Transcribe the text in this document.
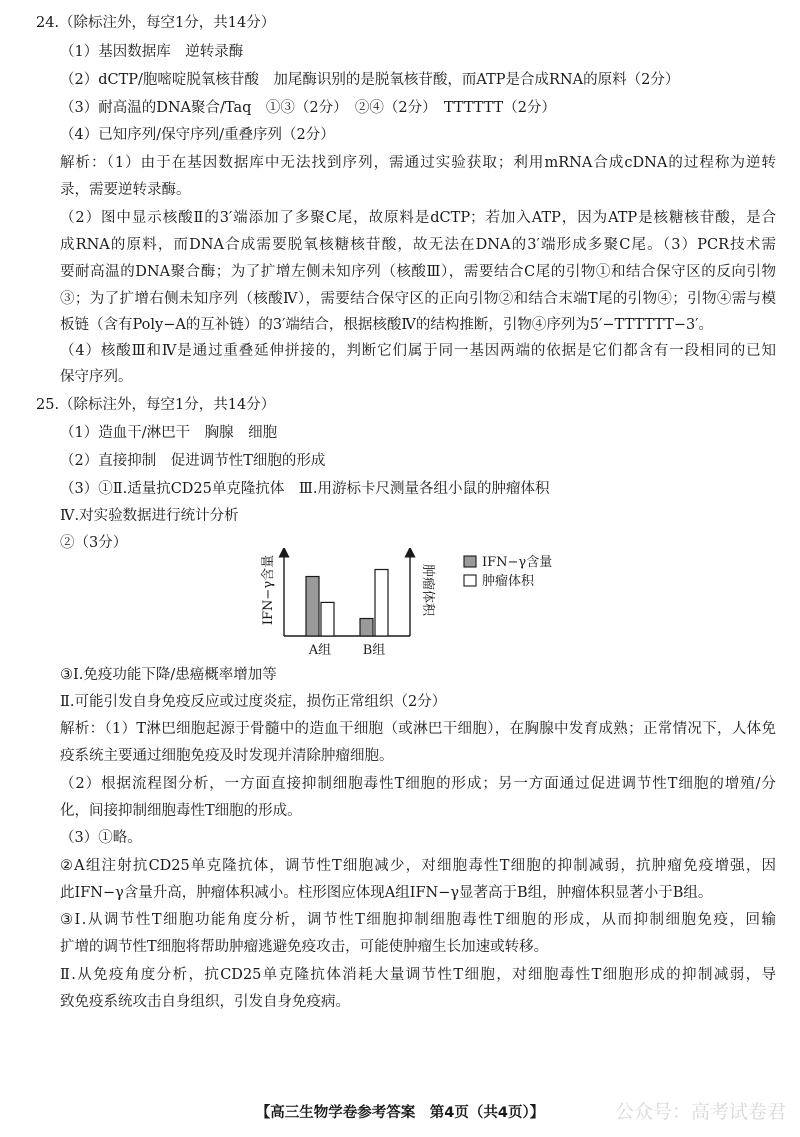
24.（除标注外，每空1分，共14分）

（1）基因数据库　逆转录酶

（2）dCTP/胞嘧啶脱氧核苷酸　加尾酶识别的是脱氧核苷酸，而ATP是合成RNA的原料（2分）

（3）耐高温的DNA聚合/Taq　①③（2分）　②④（2分）　TTTTTT（2分）

（4）已知序列/保守序列/重叠序列（2分）

解析：（1）由于在基因数据库中无法找到序列，需通过实验获取；利用mRNA合成cDNA的过程称为逆转

录，需要逆转录酶。

（2）图中显示核酸Ⅱ的3′端添加了多聚C尾，故原料是dCTP；若加入ATP，因为ATP是核糖核苷酸，是合

成RNA的原料，而DNA合成需要脱氧核糖核苷酸，故无法在DNA的3′端形成多聚C尾。（3）PCR技术需

要耐高温的DNA聚合酶；为了扩增左侧未知序列（核酸Ⅲ），需要结合C尾的引物①和结合保守区的反向引物

③；为了扩增右侧未知序列（核酸Ⅳ），需要结合保守区的正向引物②和结合末端T尾的引物④；引物④需与模

板链（含有Poly−A的互补链）的3′端结合，根据核酸Ⅳ的结构推断，引物④序列为5′−TTTTTT−3′。

（4）核酸Ⅲ和Ⅳ是通过重叠延伸拼接的，判断它们属于同一基因两端的依据是它们都含有一段相同的已知

保守序列。

25.（除标注外，每空1分，共14分）

（1）造血干/淋巴干　胸腺　细胞

（2）直接抑制　促进调节性T细胞的形成

（3）①Ⅱ.适量抗CD25单克隆抗体　Ⅲ.用游标卡尺测量各组小鼠的肿瘤体积

Ⅳ.对实验数据进行统计分析

②（3分）

IFN−γ含量	肿瘤体积
A组 B组
IFN−γ含量
肿瘤体积

③Ⅰ.免疫功能下降/患癌概率增加等

Ⅱ.可能引发自身免疫反应或过度炎症，损伤正常组织（2分）

解析：（1）T淋巴细胞起源于骨髓中的造血干细胞（或淋巴干细胞），在胸腺中发育成熟；正常情况下，人体免

疫系统主要通过细胞免疫及时发现并清除肿瘤细胞。

（2）根据流程图分析，一方面直接抑制细胞毒性T细胞的形成；另一方面通过促进调节性T细胞的增殖/分

化，间接抑制细胞毒性T细胞的形成。

（3）①略。

②A组注射抗CD25单克隆抗体，调节性T细胞减少，对细胞毒性T细胞的抑制减弱，抗肿瘤免疫增强，因

此IFN−γ含量升高，肿瘤体积减小。柱形图应体现A组IFN−γ显著高于B组，肿瘤体积显著小于B组。

③Ⅰ.从调节性T细胞功能角度分析，调节性T细胞抑制细胞毒性T细胞的形成，从而抑制细胞免疫，回输

扩增的调节性T细胞将帮助肿瘤逃避免疫攻击，可能使肿瘤生长加速或转移。

Ⅱ.从免疫角度分析，抗CD25单克隆抗体消耗大量调节性T细胞，对细胞毒性T细胞形成的抑制减弱，导

致免疫系统攻击自身组织，引发自身免疫病。

【高三生物学卷参考答案　第4页（共4页）】	公众号：高考试卷君
